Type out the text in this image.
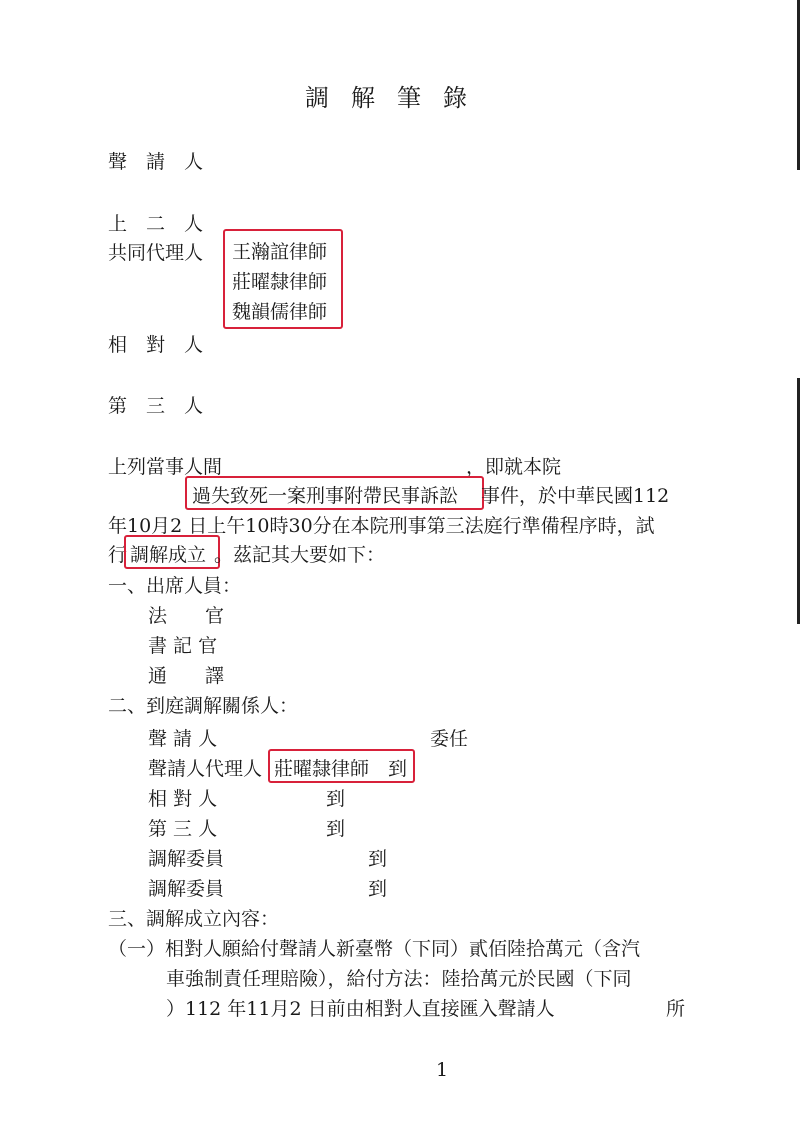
調解筆錄
聲　請　人
上　二　人
共同代理人 王瀚誼律師
莊曜隸律師
魏韻儒律師
相　對　人
第　三　人
上列當事人間	，即就本院
過失致死一案刑事附帶民事訴訟 事件，於中華民國112
年10月2 日上午10時30分在本院刑事第三法庭行準備程序時，試
行 調解成立 。茲記其大要如下：
一、出席人員：
法　　官
書 記 官
通　　譯
二、到庭調解關係人：
聲 請 人	委任
聲請人代理人 莊曜隸律師　到
相 對 人	到
第 三 人	到
調解委員	到
調解委員	到
三、調解成立內容：
（一）相對人願給付聲請人新臺幣（下同）貳佰陸拾萬元（含汽
車強制責任理賠險），給付方法：陸拾萬元於民國（下同
）112 年11月2 日前由相對人直接匯入聲請人	所
1
